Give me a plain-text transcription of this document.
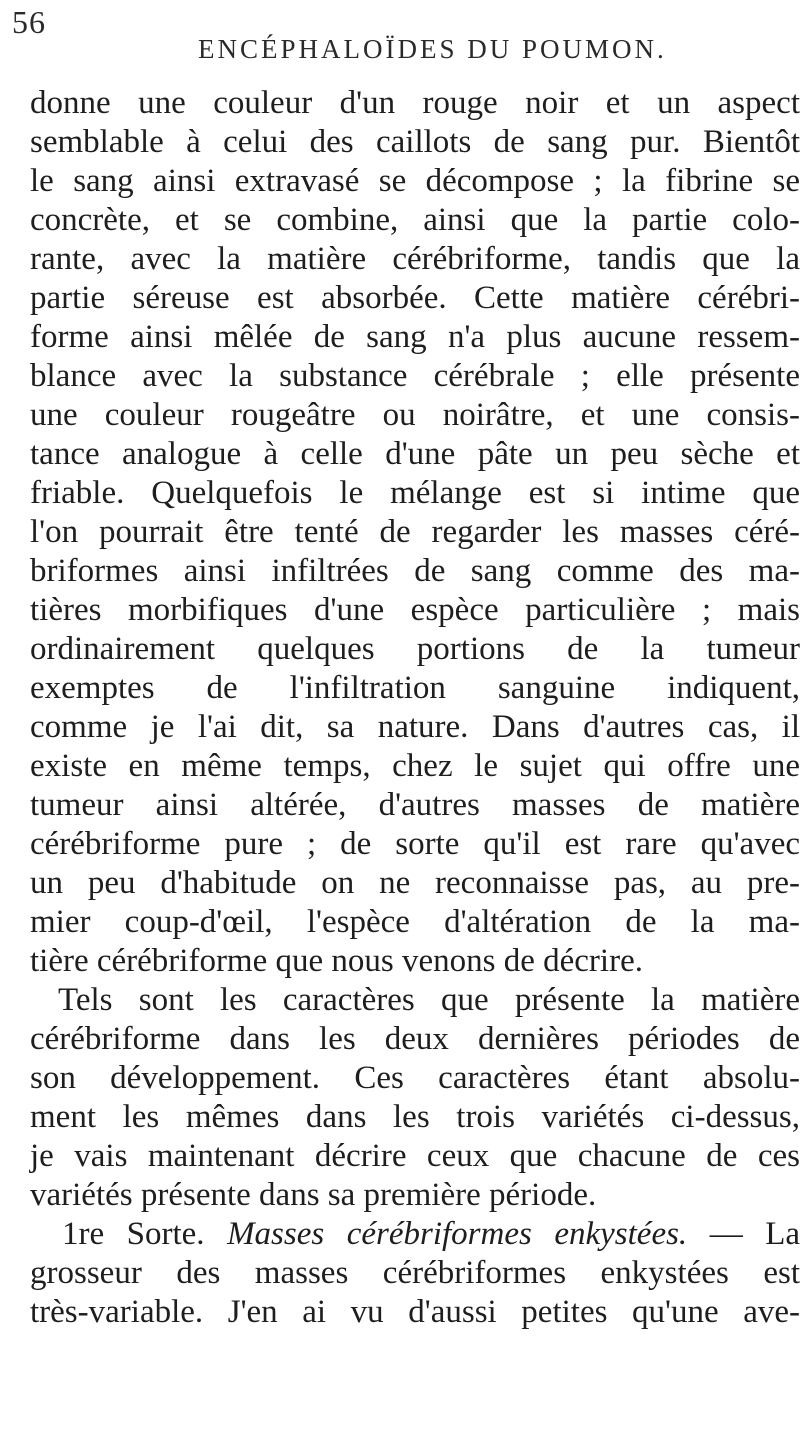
56
ENCÉPHALOÏDES DU POUMON.
donne une couleur d'un rouge noir et un aspect
semblable à celui des caillots de sang pur. Bientôt
le sang ainsi extravasé se décompose ; la fibrine se
concrète, et se combine, ainsi que la partie colo-
rante, avec la matière cérébriforme, tandis que la
partie séreuse est absorbée. Cette matière cérébri-
forme ainsi mêlée de sang n'a plus aucune ressem-
blance avec la substance cérébrale ; elle présente
une couleur rougeâtre ou noirâtre, et une consis-
tance analogue à celle d'une pâte un peu sèche et
friable. Quelquefois le mélange est si intime que
l'on pourrait être tenté de regarder les masses céré-
briformes ainsi infiltrées de sang comme des ma-
tières morbifiques d'une espèce particulière ; mais
ordinairement quelques portions de la tumeur
exemptes de l'infiltration sanguine indiquent,
comme je l'ai dit, sa nature. Dans d'autres cas, il
existe en même temps, chez le sujet qui offre une
tumeur ainsi altérée, d'autres masses de matière
cérébriforme pure ; de sorte qu'il est rare qu'avec
un peu d'habitude on ne reconnaisse pas, au pre-
mier coup-d'œil, l'espèce d'altération de la ma-
tière cérébriforme que nous venons de décrire.
Tels sont les caractères que présente la matière
cérébriforme dans les deux dernières périodes de
son développement. Ces caractères étant absolu-
ment les mêmes dans les trois variétés ci-dessus,
je vais maintenant décrire ceux que chacune de ces
variétés présente dans sa première période.
1re Sorte. Masses cérébriformes enkystées. — La
grosseur des masses cérébriformes enkystées est
très-variable. J'en ai vu d'aussi petites qu'une ave-
